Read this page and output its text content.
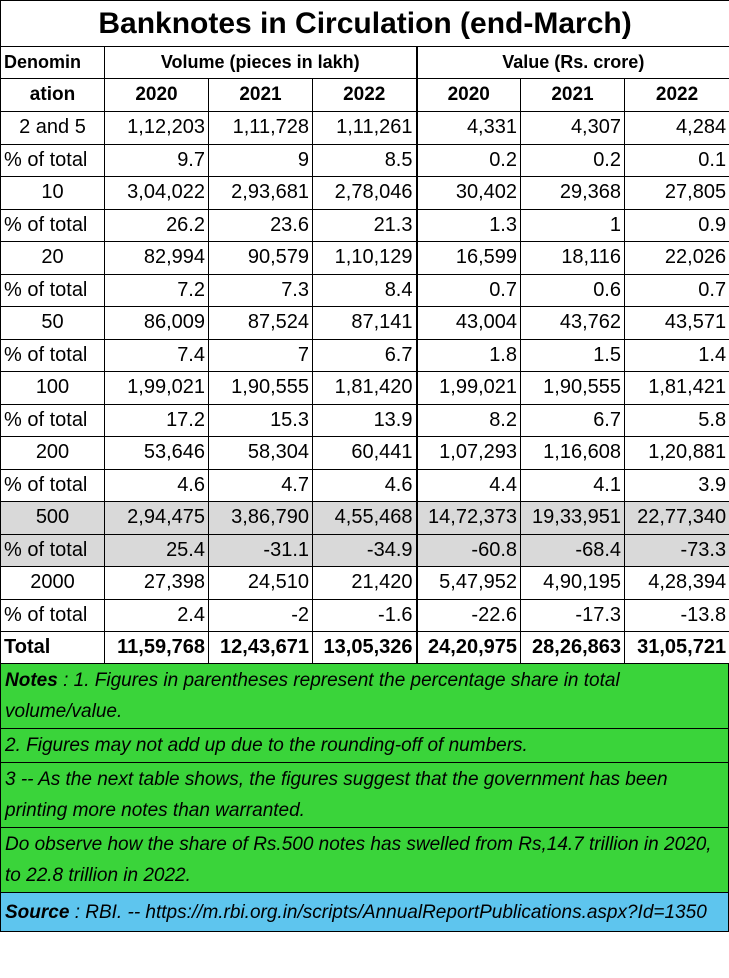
Banknotes in Circulation (end-March)						
Denomin	Volume (pieces in lakh)			Value (Rs. crore)		
ation	2020	2021	2022	2020	2021	2022
2 and 5	1,12,203	1,11,728	1,11,261	4,331	4,307	4,284
% of total	9.7	9	8.5	0.2	0.2	0.1
10	3,04,022	2,93,681	2,78,046	30,402	29,368	27,805
% of total	26.2	23.6	21.3	1.3	1	0.9
20	82,994	90,579	1,10,129	16,599	18,116	22,026
% of total	7.2	7.3	8.4	0.7	0.6	0.7
50	86,009	87,524	87,141	43,004	43,762	43,571
% of total	7.4	7	6.7	1.8	1.5	1.4
100	1,99,021	1,90,555	1,81,420	1,99,021	1,90,555	1,81,421
% of total	17.2	15.3	13.9	8.2	6.7	5.8
200	53,646	58,304	60,441	1,07,293	1,16,608	1,20,881
% of total	4.6	4.7	4.6	4.4	4.1	3.9
500	2,94,475	3,86,790	4,55,468	14,72,373	19,33,951	22,77,340
% of total	25.4	-31.1	-34.9	-60.8	-68.4	-73.3
2000	27,398	24,510	21,420	5,47,952	4,90,195	4,28,394
% of total	2.4	-2	-1.6	-22.6	-17.3	-13.8
Total	11,59,768	12,43,671	13,05,326	24,20,975	28,26,863	31,05,721
Notes : 1. Figures in parentheses represent the percentage share in total volume/value.
2. Figures may not add up due to the rounding-off of numbers.
3 -- As the next table shows, the figures suggest that the government has been printing more notes than warranted.
Do observe how the share of Rs.500 notes has swelled from Rs,14.7 trillion in 2020, to 22.8 trillion in 2022.
Source : RBI. -- https://m.rbi.org.in/scripts/AnnualReportPublications.aspx?Id=1350
